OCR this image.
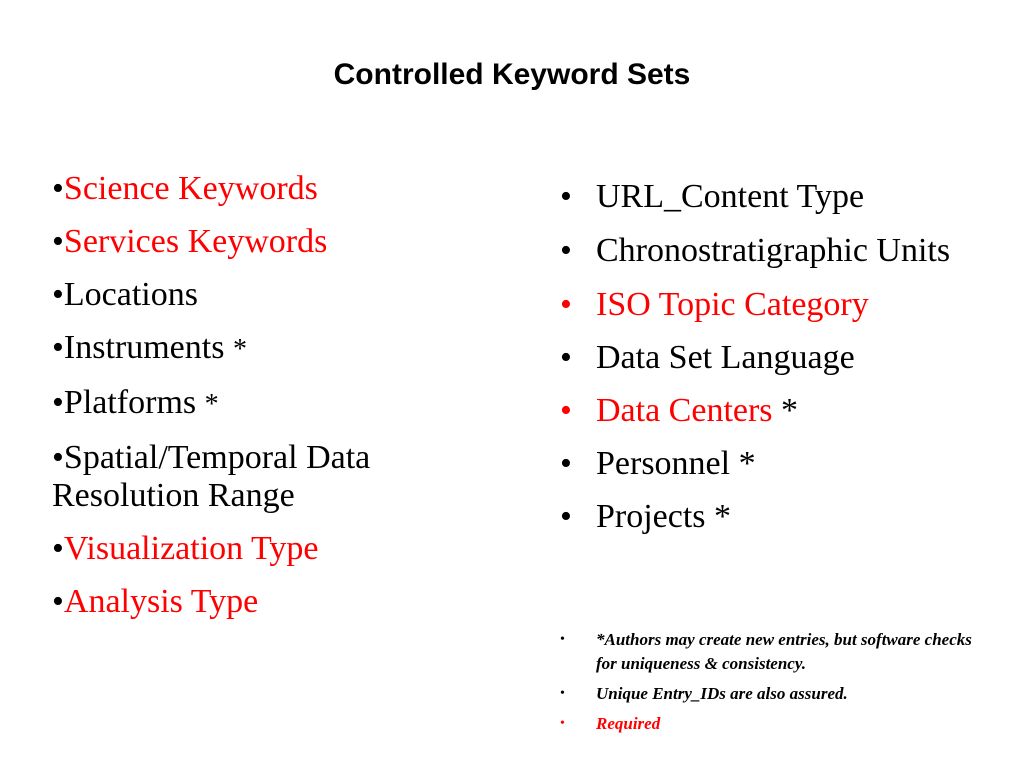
Controlled Keyword Sets
•Science Keywords
•Services Keywords
•Locations
•Instruments *
•Platforms *
•Spatial/Temporal Data Resolution Range
•Visualization Type
•Analysis Type
• URL_Content Type
• Chronostratigraphic Units
• ISO Topic Category
• Data Set Language
• Data Centers *
• Personnel *
• Projects *
• *Authors may create new entries, but software checks for uniqueness & consistency.
• Unique Entry_IDs are also assured.
• Required
